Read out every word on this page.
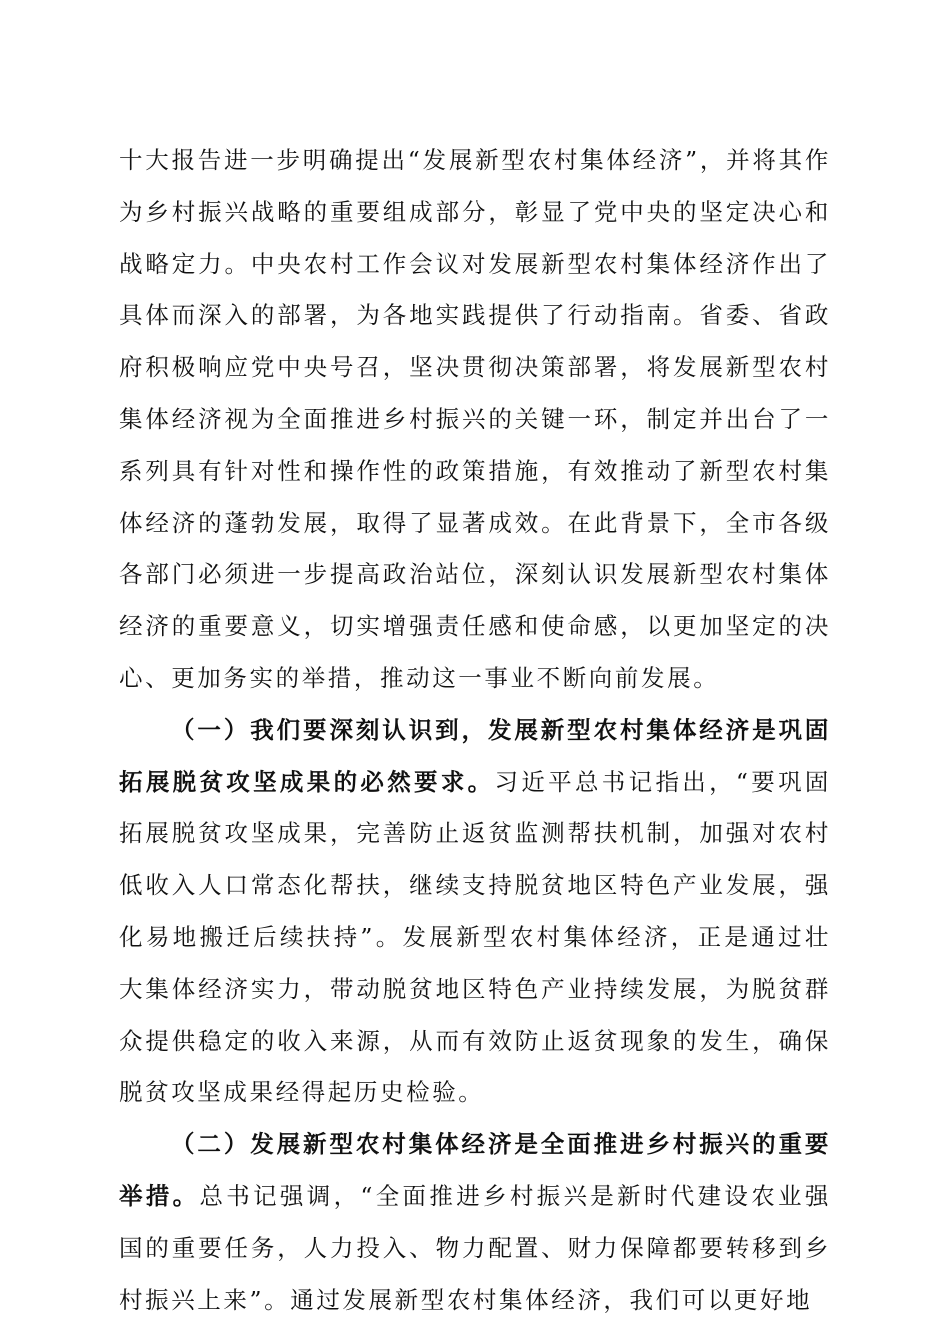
十大报告进一步明确提出“发展新型农村集体经济”，并将其作为乡村振兴战略的重要组成部分，彰显了党中央的坚定决心和战略定力。中央农村工作会议对发展新型农村集体经济作出了具体而深入的部署，为各地实践提供了行动指南。省委、省政府积极响应党中央号召，坚决贯彻决策部署，将发展新型农村集体经济视为全面推进乡村振兴的关键一环，制定并出台了一系列具有针对性和操作性的政策措施，有效推动了新型农村集体经济的蓬勃发展，取得了显著成效。在此背景下，全市各级各部门必须进一步提高政治站位，深刻认识发展新型农村集体经济的重要意义，切实增强责任感和使命感，以更加坚定的决心、更加务实的举措，推动这一事业不断向前发展。

（一）我们要深刻认识到，发展新型农村集体经济是巩固拓展脱贫攻坚成果的必然要求。习近平总书记指出，“要巩固拓展脱贫攻坚成果，完善防止返贫监测帮扶机制，加强对农村低收入人口常态化帮扶，继续支持脱贫地区特色产业发展，强化易地搬迁后续扶持”。发展新型农村集体经济，正是通过壮大集体经济实力，带动脱贫地区特色产业持续发展，为脱贫群众提供稳定的收入来源，从而有效防止返贫现象的发生，确保脱贫攻坚成果经得起历史检验。

（二）发展新型农村集体经济是全面推进乡村振兴的重要举措。总书记强调，“全面推进乡村振兴是新时代建设农业强国的重要任务，人力投入、物力配置、财力保障都要转移到乡村振兴上来”。通过发展新型农村集体经济，我们可以更好地
